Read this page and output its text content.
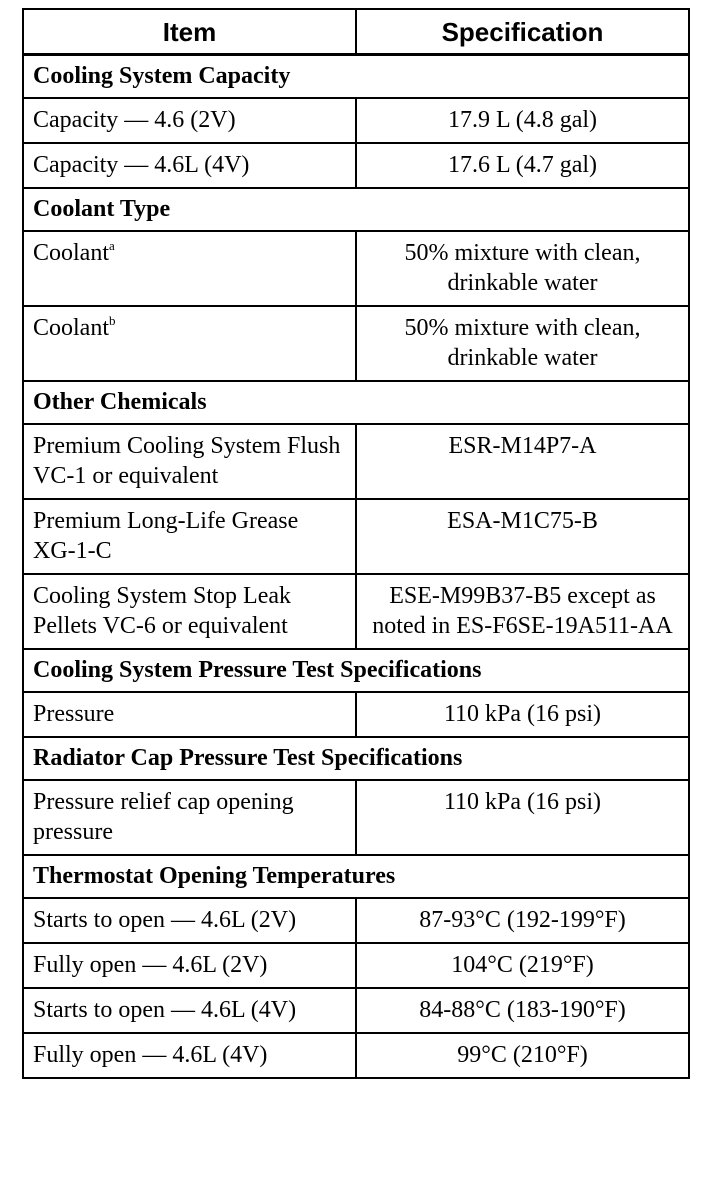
Item	Specification
Cooling System Capacity	
Capacity — 4.6 (2V)	17.9 L (4.8 gal)
Capacity — 4.6L (4V)	17.6 L (4.7 gal)
Coolant Type	
Coolant$^a$	50% mixture with clean, drinkable water
Coolant$^b$	50% mixture with clean, drinkable water
Other Chemicals	
Premium Cooling System Flush VC-1 or equivalent	ESR-M14P7-A
Premium Long-Life Grease XG-1-C	ESA-M1C75-B
Cooling System Stop Leak Pellets VC-6 or equivalent	ESE-M99B37-B5 except as noted in ES-F6SE-19A511-AA
Cooling System Pressure Test Specifications	
Pressure	110 kPa (16 psi)
Radiator Cap Pressure Test Specifications	
Pressure relief cap opening pressure	110 kPa (16 psi)
Thermostat Opening Temperatures	
Starts to open — 4.6L (2V)	87-93°C (192-199°F)
Fully open — 4.6L (2V)	104°C (219°F)
Starts to open — 4.6L (4V)	84-88°C (183-190°F)
Fully open — 4.6L (4V)	99°C (210°F)
